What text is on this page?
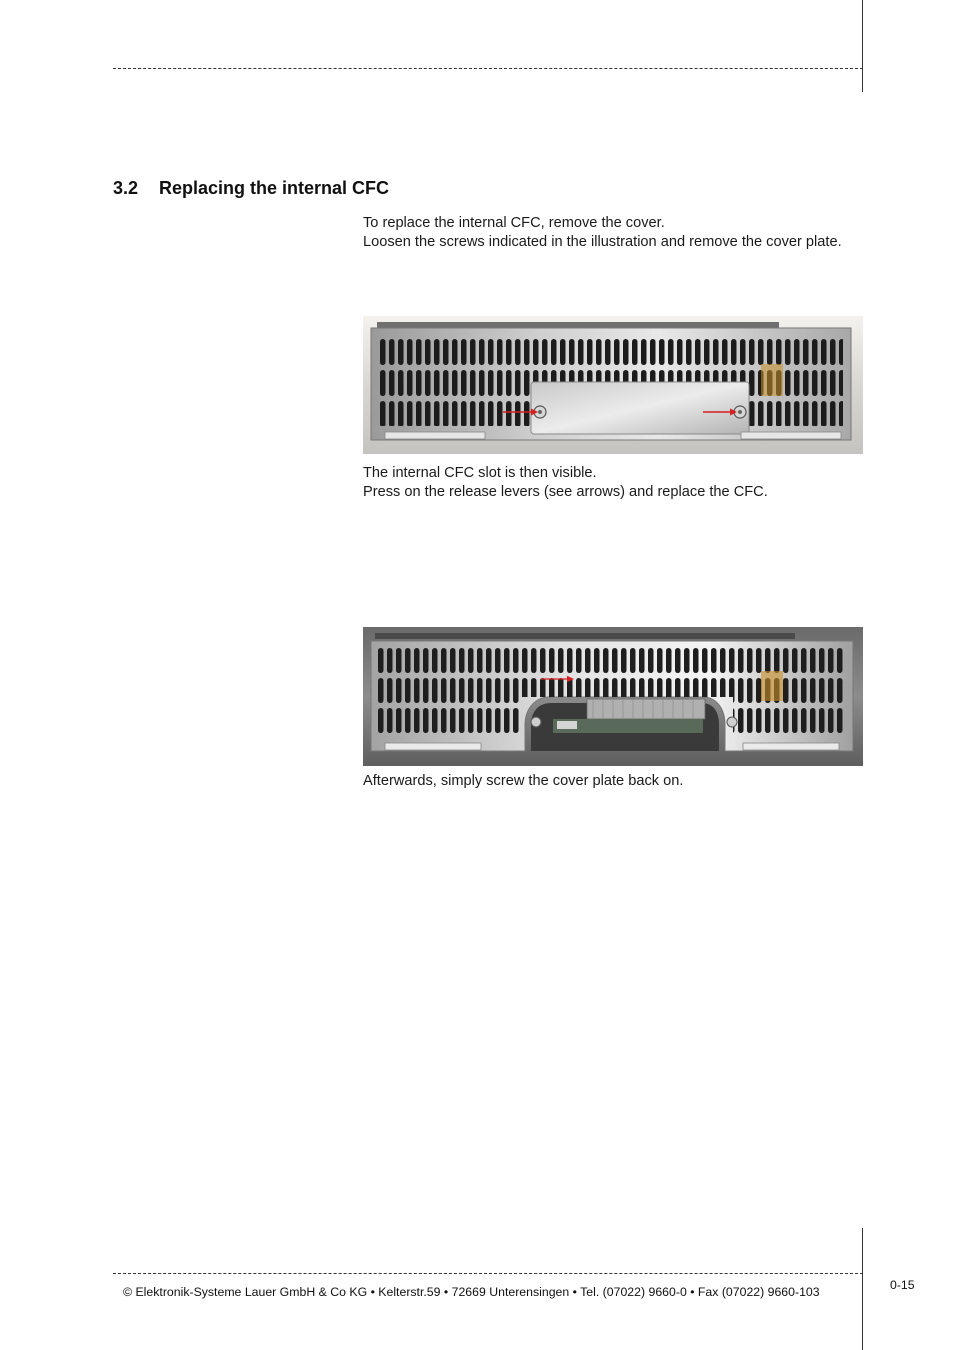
3.2 Replacing the internal CFC

To replace the internal CFC, remove the cover.
Loosen the screws indicated in the illustration and remove the cover plate.

The internal CFC slot is then visible.
Press on the release levers (see arrows) and replace the CFC.

Afterwards, simply screw the cover plate back on.

© Elektronik-Systeme Lauer GmbH & Co KG • Kelterstr.59 • 72669 Unterensingen • Tel. (07022) 9660-0 • Fax (07022) 9660-103	0-15
